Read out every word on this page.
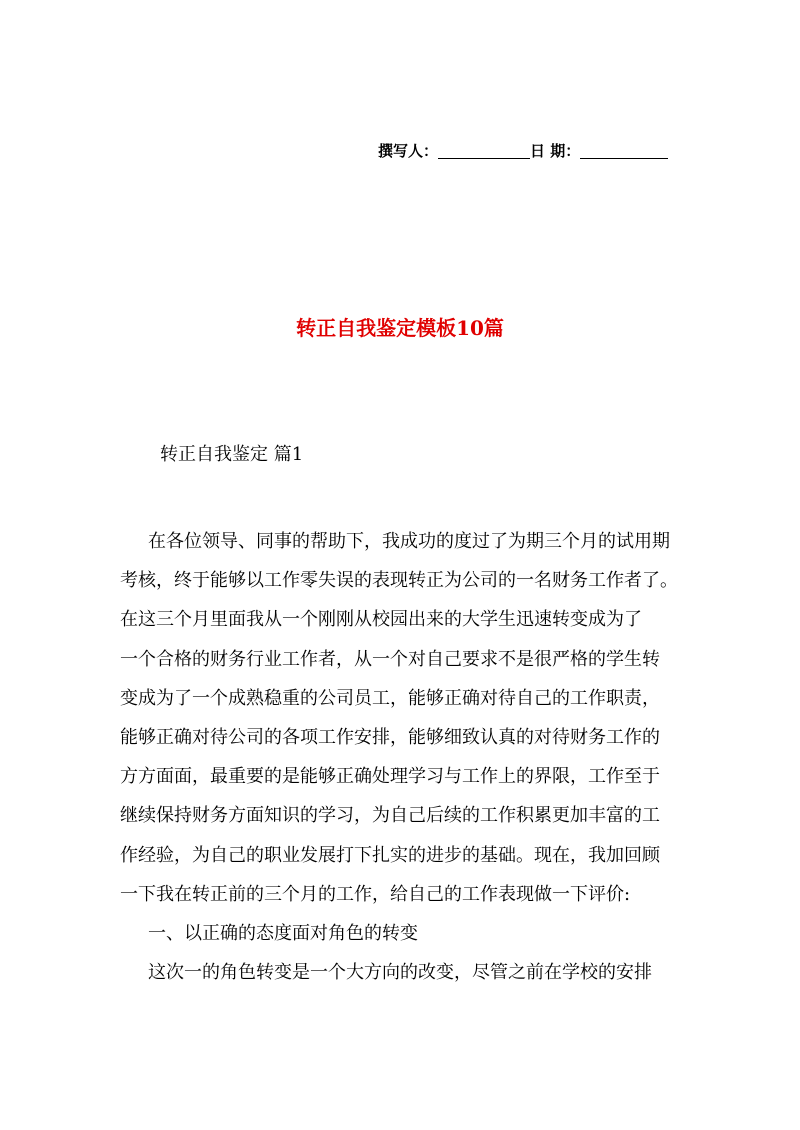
撰写人：	日 期：
转正自我鉴定模板10篇
转正自我鉴定 篇1
在各位领导、同事的帮助下，我成功的度过了为期三个月的试用期
考核，终于能够以工作零失误的表现转正为公司的一名财务工作者了。
在这三个月里面我从一个刚刚从校园出来的大学生迅速转变成为了
一个合格的财务行业工作者，从一个对自己要求不是很严格的学生转
变成为了一个成熟稳重的公司员工，能够正确对待自己的工作职责，
能够正确对待公司的各项工作安排，能够细致认真的对待财务工作的
方方面面，最重要的是能够正确处理学习与工作上的界限，工作至于
继续保持财务方面知识的学习，为自己后续的工作积累更加丰富的工
作经验，为自己的职业发展打下扎实的进步的基础。现在，我加回顾
一下我在转正前的三个月的工作，给自己的工作表现做一下评价:
一、以正确的态度面对角色的转变
这次一的角色转变是一个大方向的改变，尽管之前在学校的安排
